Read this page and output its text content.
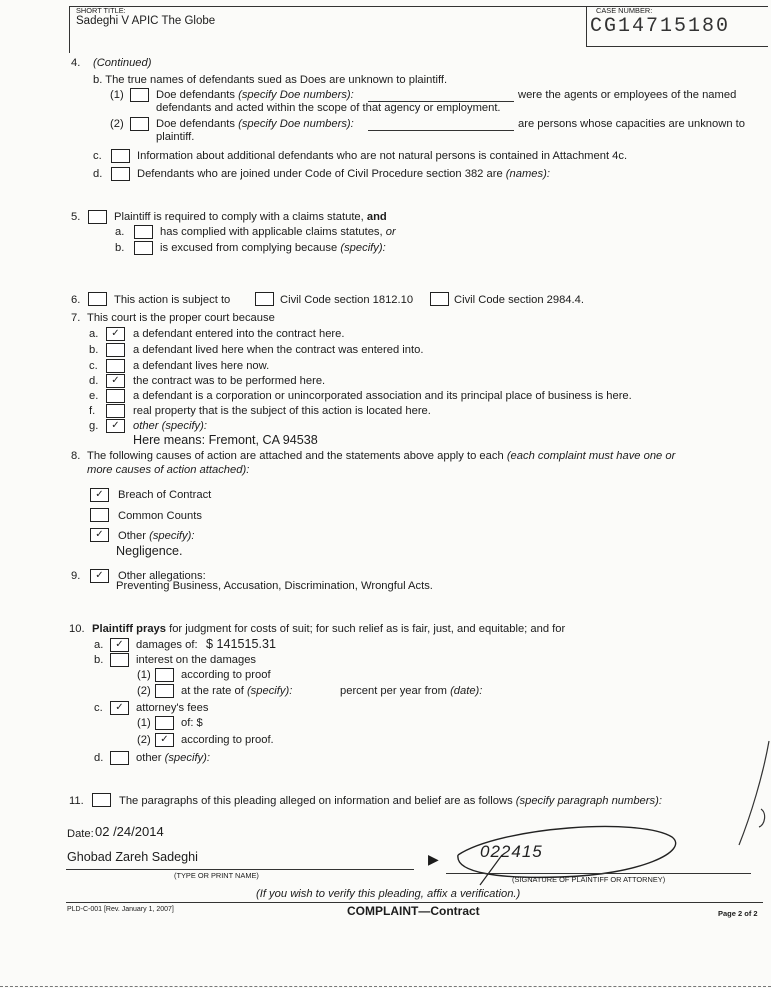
SHORT TITLE:
Sadeghi V APIC The Globe
CASE NUMBER:
CG14715180
4. (Continued)
b. The true names of defendants sued as Does are unknown to plaintiff.
(1)	Doe defendants (specify Doe numbers):	were the agents or employees of the named
defendants and acted within the scope of that agency or employment.
(2)	Doe defendants (specify Doe numbers):	are persons whose capacities are unknown to
plaintiff.
c.	Information about additional defendants who are not natural persons is contained in Attachment 4c.
d.	Defendants who are joined under Code of Civil Procedure section 382 are (names):
5.	Plaintiff is required to comply with a claims statute, and
a.	has complied with applicable claims statutes, or
b.	is excused from complying because (specify):
6.	This action is subject to	Civil Code section 1812.10	Civil Code section 2984.4.
7. This court is the proper court because
a.	✓	a defendant entered into the contract here.
b.	a defendant lived here when the contract was entered into.
c.	a defendant lives here now.
d.	✓	the contract was to be performed here.
e.	a defendant is a corporation or unincorporated association and its principal place of business is here.
f.	real property that is the subject of this action is located here.
g.	✓	other (specify):
Here means: Fremont, CA 94538
8. The following causes of action are attached and the statements above apply to each (each complaint must have one or
more causes of action attached):
✓	Breach of Contract
Common Counts
✓	Other (specify):
Negligence.
9.	✓	Other allegations:
Preventing Business, Accusation, Discrimination, Wrongful Acts.
10. Plaintiff prays for judgment for costs of suit; for such relief as is fair, just, and equitable; and for
a.	✓	damages of: $ 141515.31
b.	interest on the damages
(1)	according to proof
(2)	at the rate of (specify):	percent per year from (date):
c.	✓	attorney's fees
(1)	of: $
(2) ✓	according to proof.
d.	other (specify):
11.	The paragraphs of this pleading alleged on information and belief are as follows (specify paragraph numbers):
Date: 02 /24/2014
Ghobad Zareh Sadeghi
(TYPE OR PRINT NAME)
▶ 022415
(SIGNATURE OF PLAINTIFF OR ATTORNEY)
(If you wish to verify this pleading, affix a verification.)
PLD-C-001 [Rev. January 1, 2007]	COMPLAINT—Contract	Page 2 of 2
